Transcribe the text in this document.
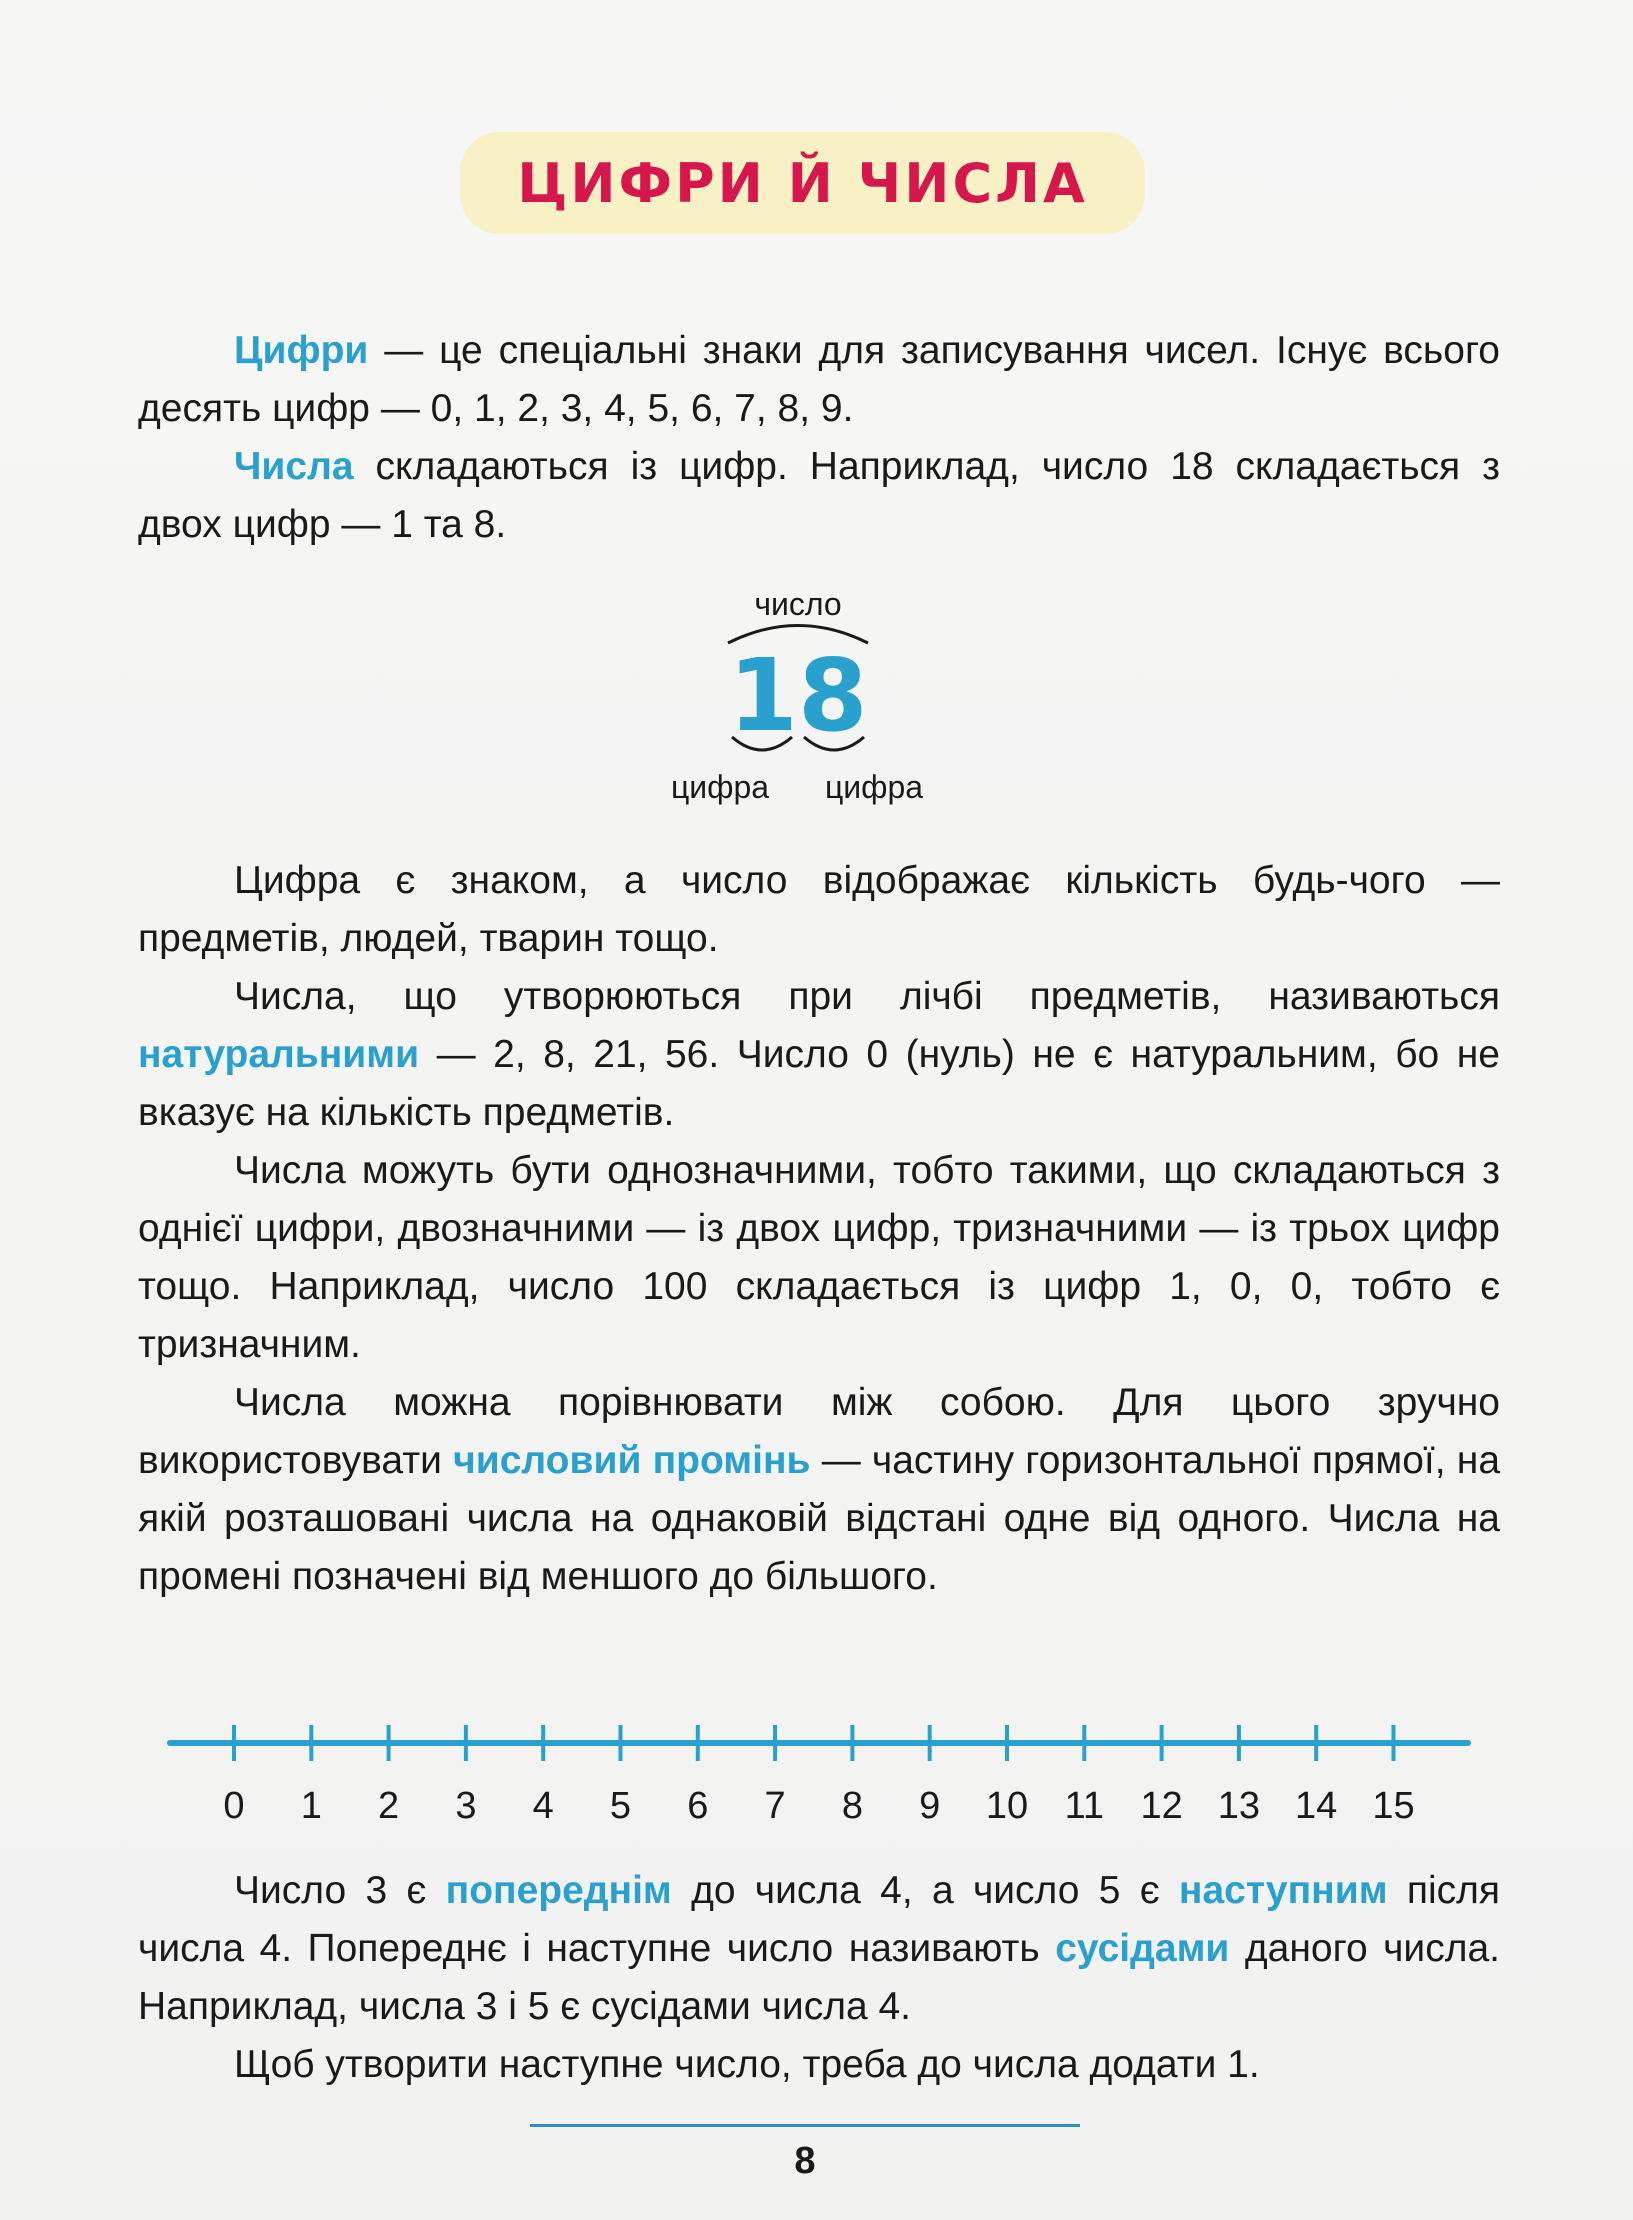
ЦИФРИ Й ЧИСЛА

Цифри — це спеціальні знаки для записування чисел. Існує всього десять цифр — 0, 1, 2, 3, 4, 5, 6, 7, 8, 9.

Числа складаються із цифр. Наприклад, число 18 складається з двох цифр — 1 та 8.

число
18
цифра цифра

Цифра є знаком, а число відображає кількість будь-чого — предметів, людей, тварин тощо.

Числа, що утворюються при лічбі предметів, називаються натуральними — 2, 8, 21, 56. Число 0 (нуль) не є натуральним, бо не вказує на кількість предметів.

Числа можуть бути однозначними, тобто такими, що складаються з однієї цифри, двозначними — із двох цифр, тризначними — із трьох цифр тощо. Наприклад, число 100 складається із цифр 1, 0, 0, тобто є тризначним.

Числа можна порівнювати між собою. Для цього зручно використовувати числовий промінь — частину горизонтальної прямої, на якій розташовані числа на однаковій відстані одне від одного. Числа на промені позначені від меншого до більшого.

0 1 2 3 4 5 6 7 8 9 10 11 12 13 14 15

Число 3 є попереднім до числа 4, а число 5 є наступним після числа 4. Попереднє і наступне число називають сусідами даного числа. Наприклад, числа 3 і 5 є сусідами числа 4.

Щоб утворити наступне число, треба до числа додати 1.

8
